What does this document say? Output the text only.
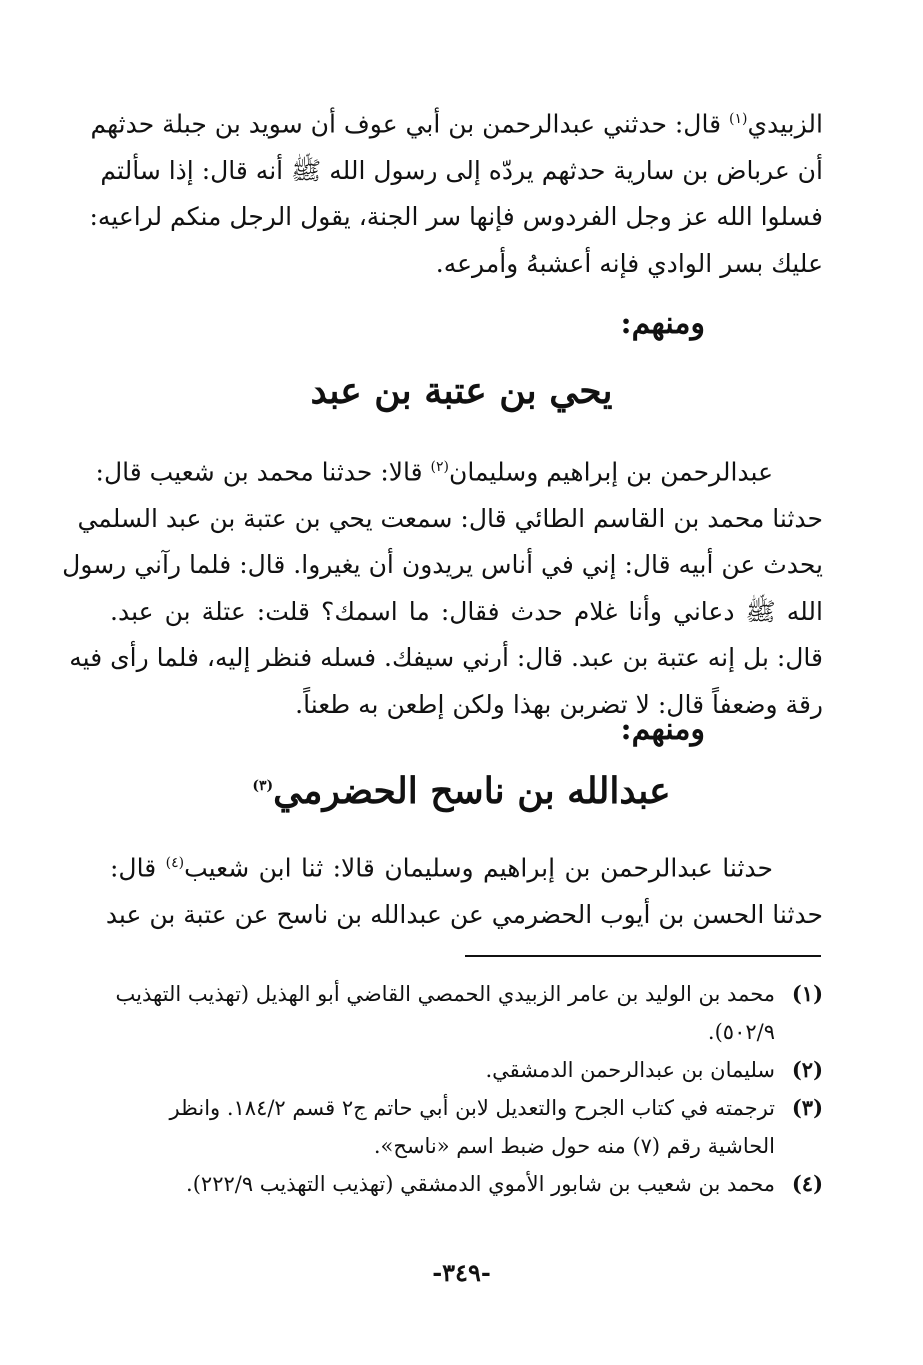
الزبيدي$^{(١)}$ قال: حدثني عبدالرحمن بن أبي عوف أن سويد بن جبلة حدثهم
أن عرباض بن سارية حدثهم يردّه إلى رسول الله ﷺ أنه قال: إذا سألتم
فسلوا الله عز وجل الفردوس فإنها سر الجنة، يقول الرجل منكم لراعيه:
عليك بسر الوادي فإنه أعشبهُ وأمرعه.
ومنهم:
يحي بن عتبة بن عبد
عبدالرحمن بن إبراهيم وسليمان$^{(٢)}$ قالا: حدثنا محمد بن شعيب قال:
حدثنا محمد بن القاسم الطائي قال: سمعت يحي بن عتبة بن عبد السلمي
يحدث عن أبيه قال: إني في أناس يريدون أن يغيروا. قال: فلما رآني رسول
الله ﷺ دعاني وأنا غلام حدث فقال: ما اسمك؟ قلت: عتلة بن عبد.
قال: بل إنه عتبة بن عبد. قال: أرني سيفك. فسله فنظر إليه، فلما رأى فيه
رقة وضعفاً قال: لا تضربن بهذا ولكن إطعن به طعناً.
ومنهم:
عبدالله بن ناسح الحضرمي$^{(٣)}$
حدثنا عبدالرحمن بن إبراهيم وسليمان قالا: ثنا ابن شعيب$^{(٤)}$ قال:
حدثنا الحسن بن أيوب الحضرمي عن عبدالله بن ناسح عن عتبة بن عبد
(١)محمد بن الوليد بن عامر الزبيدي الحمصي القاضي أبو الهذيل (تهذيب التهذيب
٥٠٢/٩).
(٢)سليمان بن عبدالرحمن الدمشقي.
(٣)ترجمته في كتاب الجرح والتعديل لابن أبي حاتم ج٢ قسم ١٨٤/٢. وانظر
الحاشية رقم (٧) منه حول ضبط اسم «ناسح».
(٤)محمد بن شعيب بن شابور الأموي الدمشقي (تهذيب التهذيب ٢٢٢/٩).
-٣٤٩-
